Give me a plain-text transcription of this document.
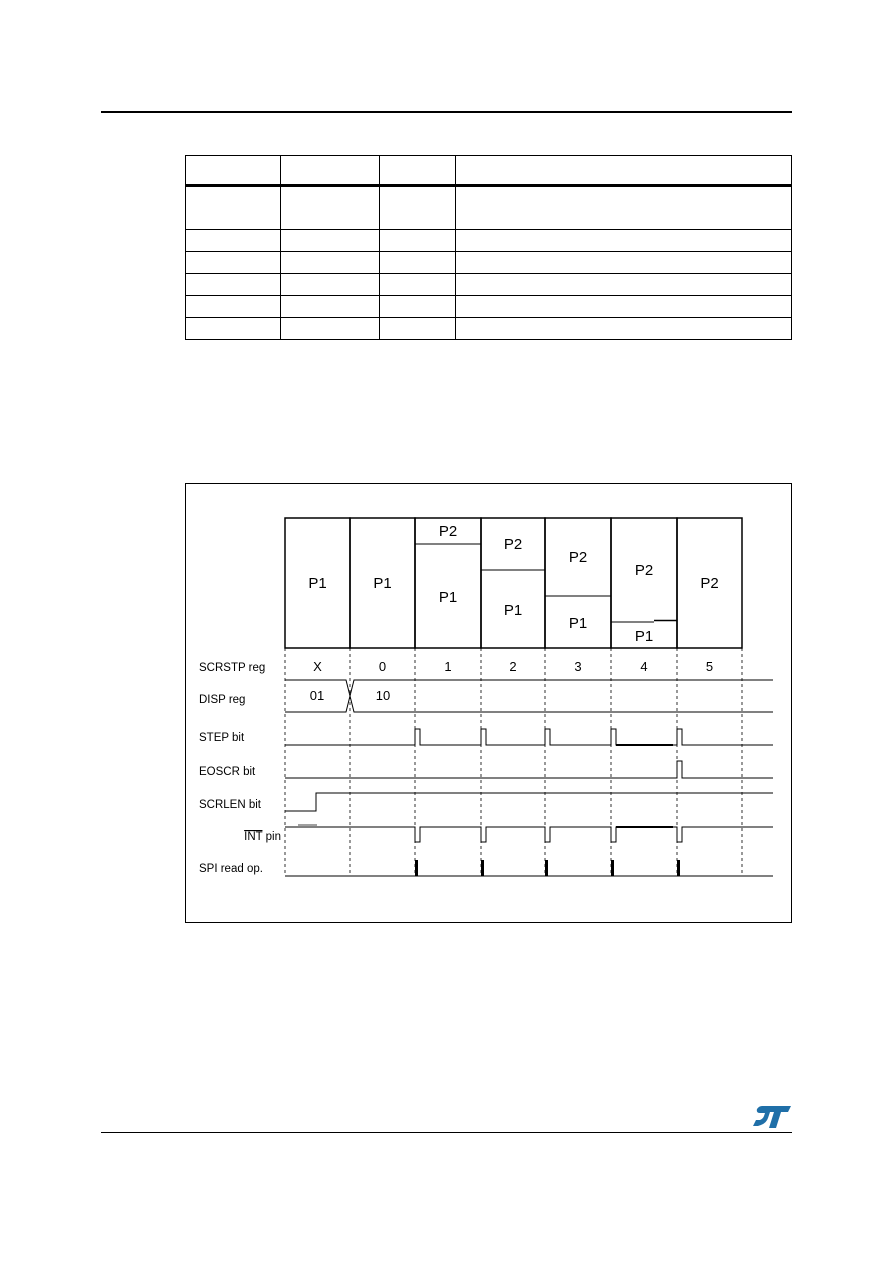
P1	P1
P2
P1
P2
P1
P2
P1
P2
P1
P2
SCRSTP reg
DISP reg
STEP bit
EOSCR bit
SCRLEN bit
SPI read op.
INT pin
X	0	1	2	3	4	5
01	10
